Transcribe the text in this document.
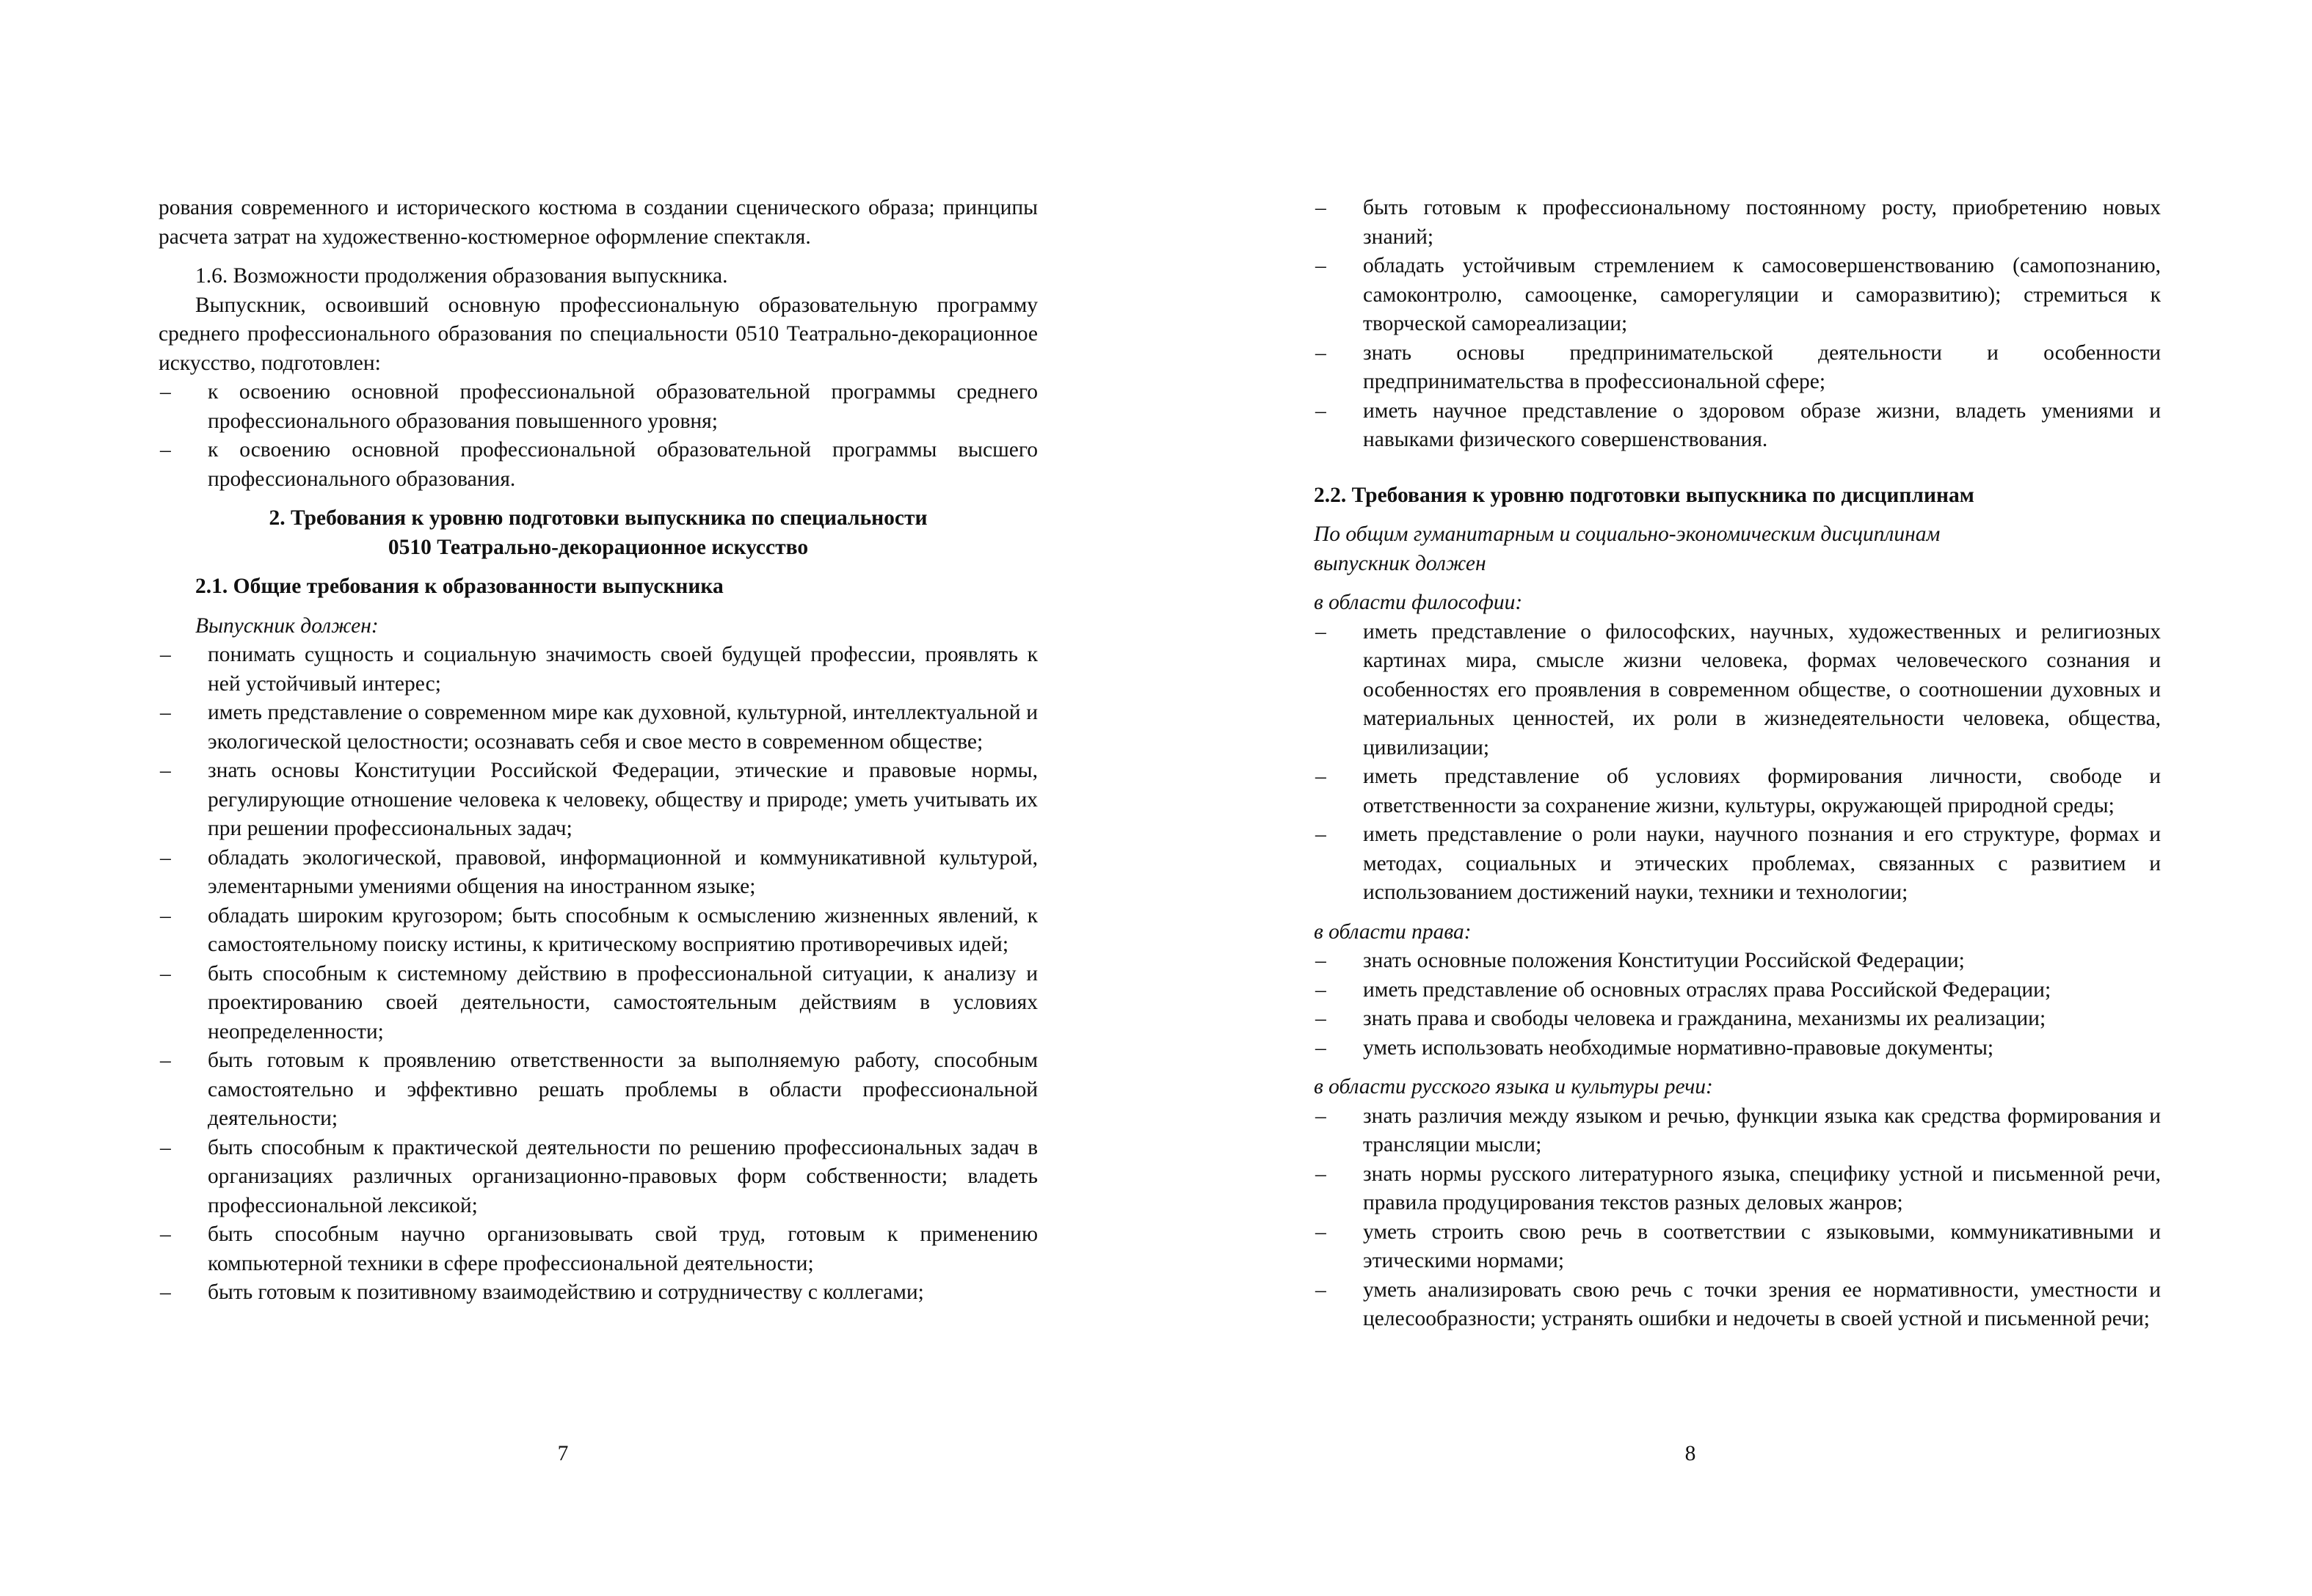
рования современного и исторического костюма в создании сценического образа; принципы расчета затрат на художественно-костюмерное оформление спектакля.

1.6. Возможности продолжения образования выпускника.

Выпускник, освоивший основную профессиональную образовательную программу среднего профессионального образования по специальности 0510 Театрально-декорационное искусство, подготовлен:

– к освоению основной профессиональной образовательной программы среднего профессионального образования повышенного уровня;
– к освоению основной профессиональной образовательной программы высшего профессионального образования.

2. Требования к уровню подготовки выпускника по специальности

0510 Театрально-декорационное искусство

2.1. Общие требования к образованности выпускника

Выпускник должен:

– понимать сущность и социальную значимость своей будущей профессии, проявлять к ней устойчивый интерес;
– иметь представление о современном мире как духовной, культурной, интеллектуальной и экологической целостности; осознавать себя и свое место в современном обществе;
– знать основы Конституции Российской Федерации, этические и правовые нормы, регулирующие отношение человека к человеку, обществу и природе; уметь учитывать их при решении профессиональных задач;
– обладать экологической, правовой, информационной и коммуникативной культурой, элементарными умениями общения на иностранном языке;
– обладать широким кругозором; быть способным к осмыслению жизненных явлений, к самостоятельному поиску истины, к критическому восприятию противоречивых идей;
– быть способным к системному действию в профессиональной ситуации, к анализу и проектированию своей деятельности, самостоятельным действиям в условиях неопределенности;
– быть готовым к проявлению ответственности за выполняемую работу, способным самостоятельно и эффективно решать проблемы в области профессиональной деятельности;
– быть способным к практической деятельности по решению профессиональных задач в организациях различных организационно-правовых форм собственности; владеть профессиональной лексикой;
– быть способным научно организовывать свой труд, готовым к применению компьютерной техники в сфере профессиональной деятельности;
– быть готовым к позитивному взаимодействию и сотрудничеству с коллегами;
7
– быть готовым к профессиональному постоянному росту, приобретению новых знаний;
– обладать устойчивым стремлением к самосовершенствованию (самопознанию, самоконтролю, самооценке, саморегуляции и саморазвитию); стремиться к творческой самореализации;
– знать основы предпринимательской деятельности и особенности предпринимательства в профессиональной сфере;
– иметь научное представление о здоровом образе жизни, владеть умениями и навыками физического совершенствования.

2.2. Требования к уровню подготовки выпускника по дисциплинам

По общим гуманитарным и социально-экономическим дисциплинам

выпускник должен

в области философии:

– иметь представление о философских, научных, художественных и религиозных картинах мира, смысле жизни человека, формах человеческого сознания и особенностях его проявления в современном обществе, о соотношении духовных и материальных ценностей, их роли в жизнедеятельности человека, общества, цивилизации;
– иметь представление об условиях формирования личности, свободе и ответственности за сохранение жизни, культуры, окружающей природной среды;
– иметь представление о роли науки, научного познания и его структуре, формах и методах, социальных и этических проблемах, связанных с развитием и использованием достижений науки, техники и технологии;

в области права:

– знать основные положения Конституции Российской Федерации;
– иметь представление об основных отраслях права Российской Федерации;
– знать права и свободы человека и гражданина, механизмы их реализации;
– уметь использовать необходимые нормативно-правовые документы;

в области русского языка и культуры речи:

– знать различия между языком и речью, функции языка как средства формирования и трансляции мысли;
– знать нормы русского литературного языка, специфику устной и письменной речи, правила продуцирования текстов разных деловых жанров;
– уметь строить свою речь в соответствии с языковыми, коммуникативными и этическими нормами;
– уметь анализировать свою речь с точки зрения ее нормативности, уместности и целесообразности; устранять ошибки и недочеты в своей устной и письменной речи;
8
